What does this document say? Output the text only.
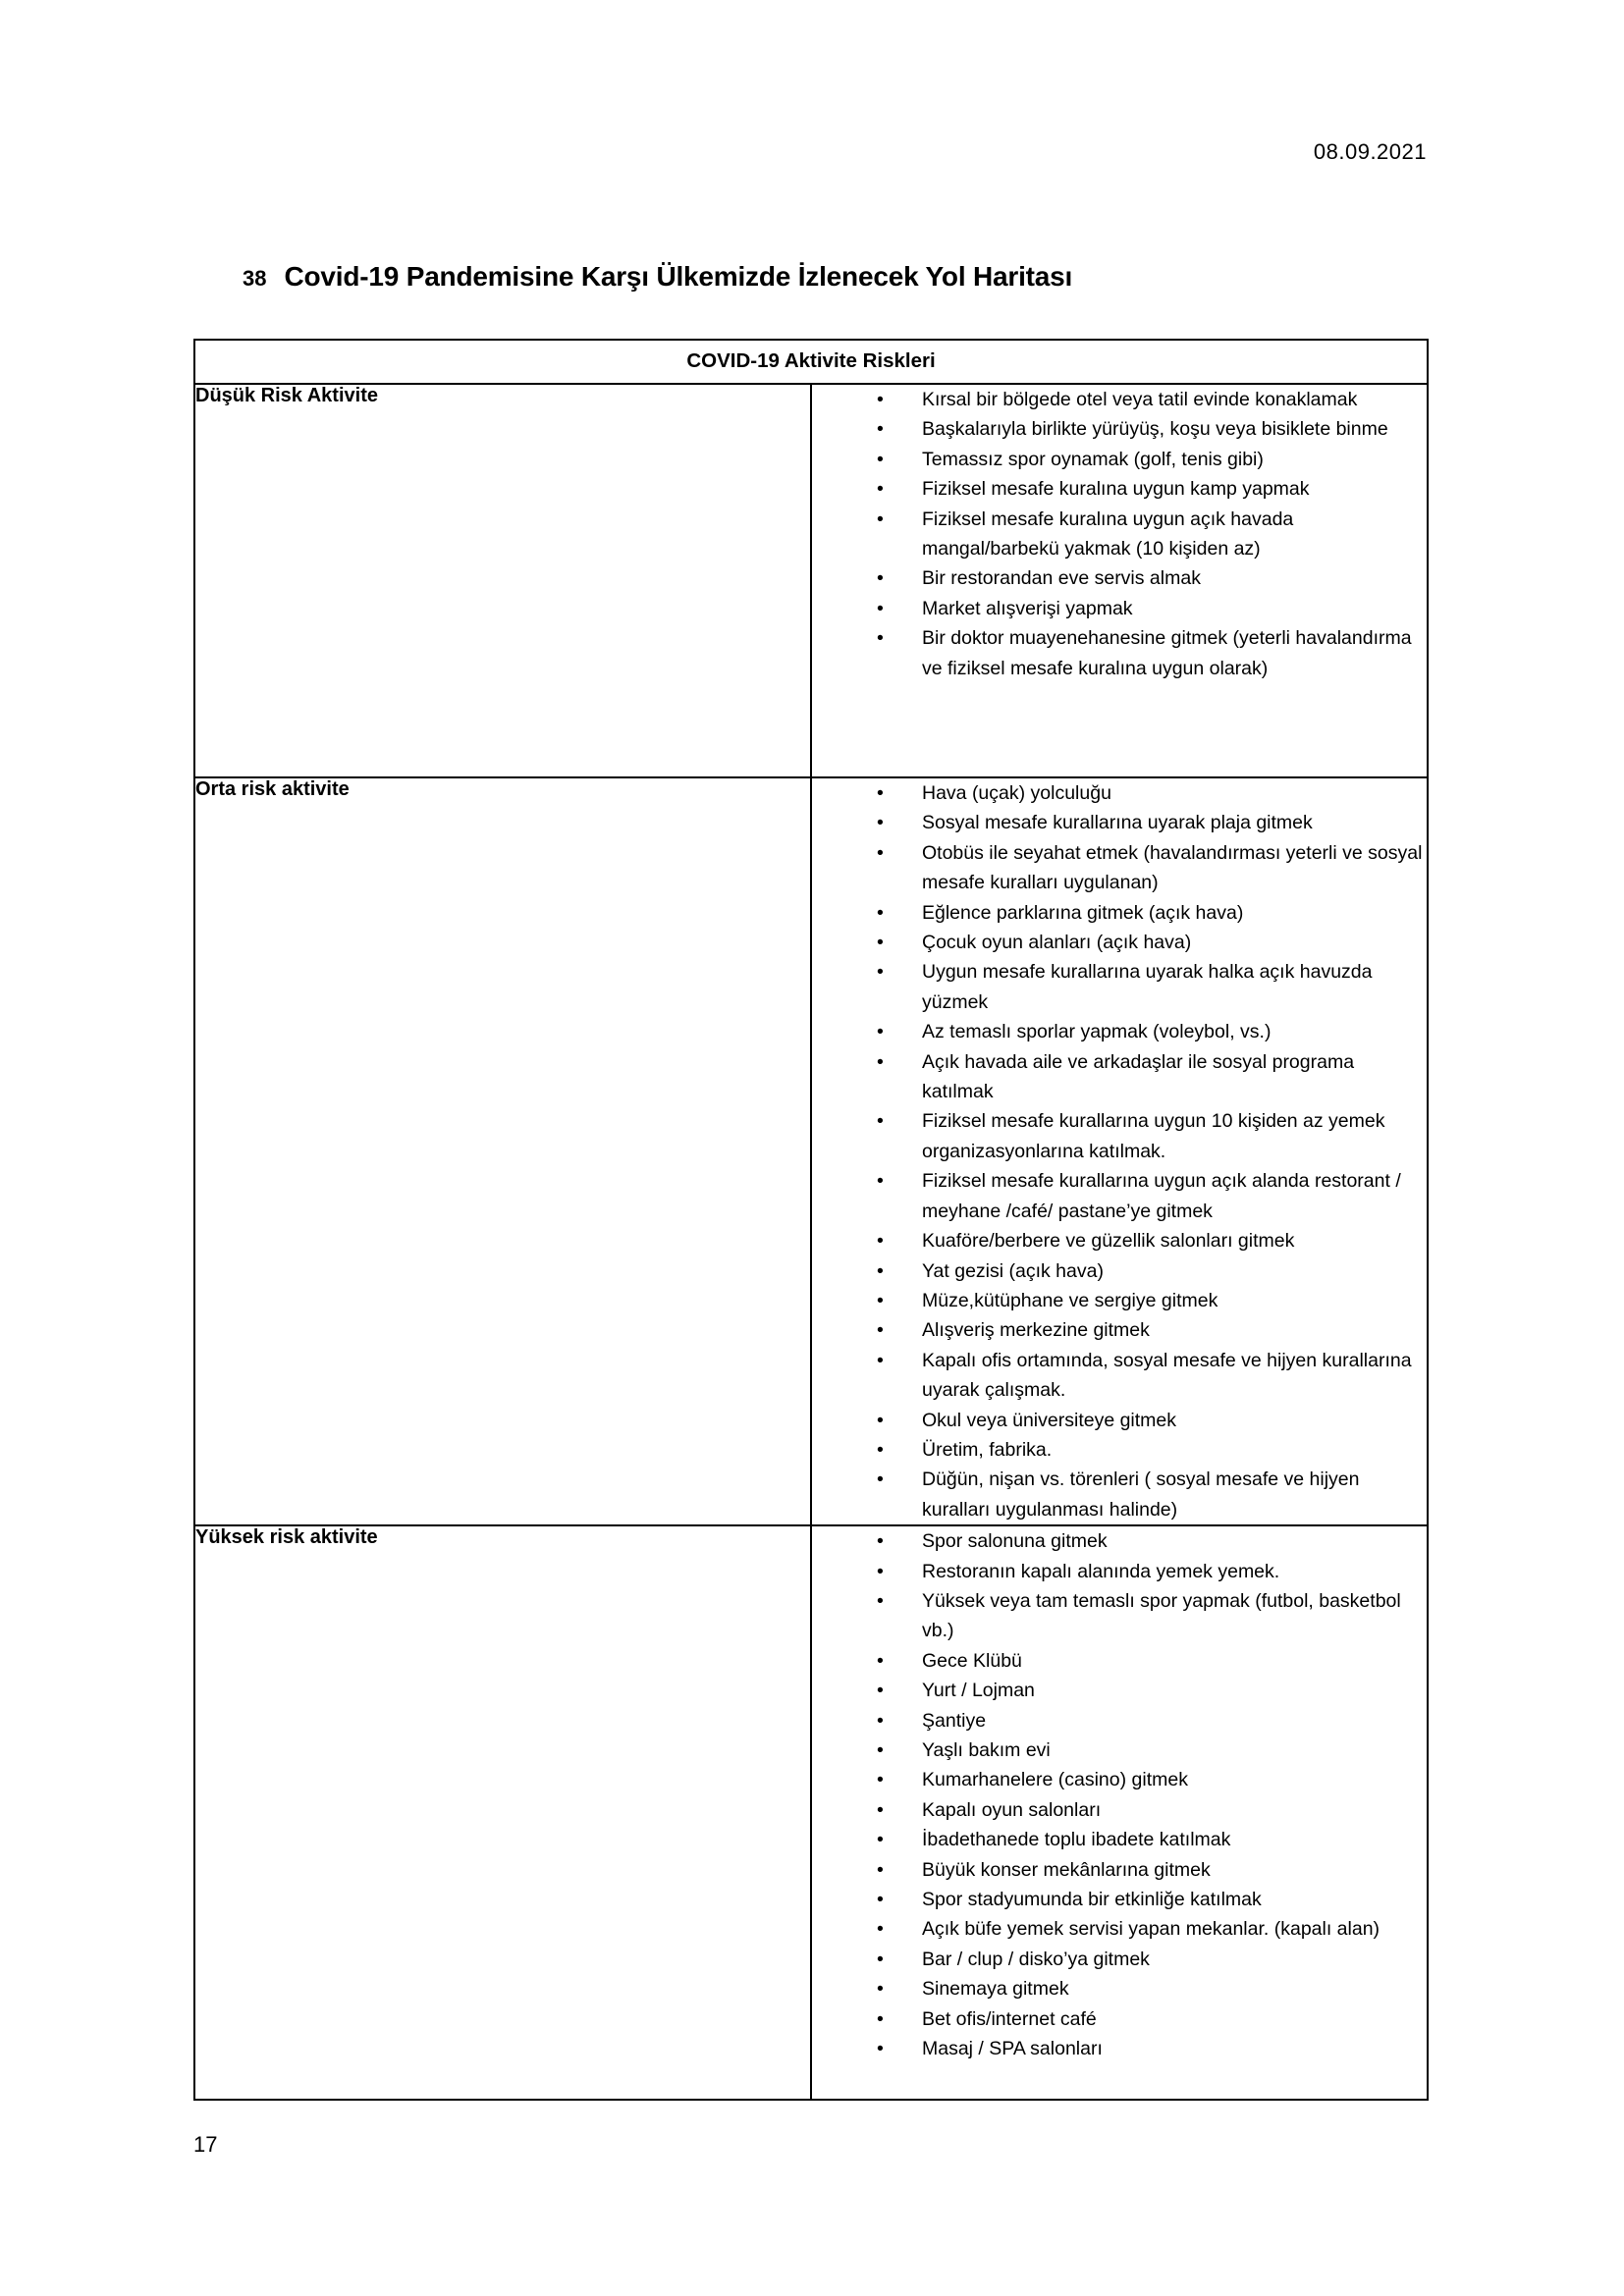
08.09.2021
38 Covid-19 Pandemisine Karşı Ülkemizde İzlenecek Yol Haritası
COVID-19 Aktivite Riskleri	
Düşük Risk Aktivite	• Kırsal bir bölgede otel veya tatil evinde konaklamak
• Başkalarıyla birlikte yürüyüş, koşu veya bisiklete binme
• Temassız spor oynamak (golf, tenis gibi)
• Fiziksel mesafe kuralına uygun kamp yapmak
• Fiziksel mesafe kuralına uygun açık havada mangal/barbekü yakmak (10 kişiden az)
• Bir restorandan eve servis almak
• Market alışverişi yapmak
• Bir doktor muayenehanesine gitmek (yeterli havalandırma ve fiziksel mesafe kuralına uygun olarak)

Orta risk aktivite	• Hava (uçak) yolculuğu
• Sosyal mesafe kurallarına uyarak plaja gitmek
• Otobüs ile seyahat etmek (havalandırması yeterli ve sosyal mesafe kuralları uygulanan)
• Eğlence parklarına gitmek (açık hava)
• Çocuk oyun alanları (açık hava)
• Uygun mesafe kurallarına uyarak halka açık havuzda yüzmek
• Az temaslı sporlar yapmak (voleybol, vs.)
• Açık havada aile ve arkadaşlar ile sosyal programa katılmak
• Fiziksel mesafe kurallarına uygun 10 kişiden az yemek organizasyonlarına katılmak.
• Fiziksel mesafe kurallarına uygun açık alanda restorant / meyhane /café/ pastane’ye gitmek
• Kuaföre/berbere ve güzellik salonları gitmek
• Yat gezisi (açık hava)
• Müze,kütüphane ve sergiye gitmek
• Alışveriş merkezine gitmek
• Kapalı ofis ortamında, sosyal mesafe ve hijyen kurallarına uyarak çalışmak.
• Okul veya üniversiteye gitmek
• Üretim, fabrika.
• Düğün, nişan vs. törenleri ( sosyal mesafe ve hijyen kuralları uygulanması halinde)

Yüksek risk aktivite	• Spor salonuna gitmek
• Restoranın kapalı alanında yemek yemek.
• Yüksek veya tam temaslı spor yapmak (futbol, basketbol vb.)
• Gece Klübü
• Yurt / Lojman
• Şantiye
• Yaşlı bakım evi
• Kumarhanelere (casino) gitmek
• Kapalı oyun salonları
• İbadethanede toplu ibadete katılmak
• Büyük konser mekânlarına gitmek
• Spor stadyumunda bir etkinliğe katılmak
• Açık büfe yemek servisi yapan mekanlar. (kapalı alan)
• Bar / clup / disko’ya gitmek
• Sinemaya gitmek
• Bet ofis/internet café
• Masaj / SPA salonları
17
